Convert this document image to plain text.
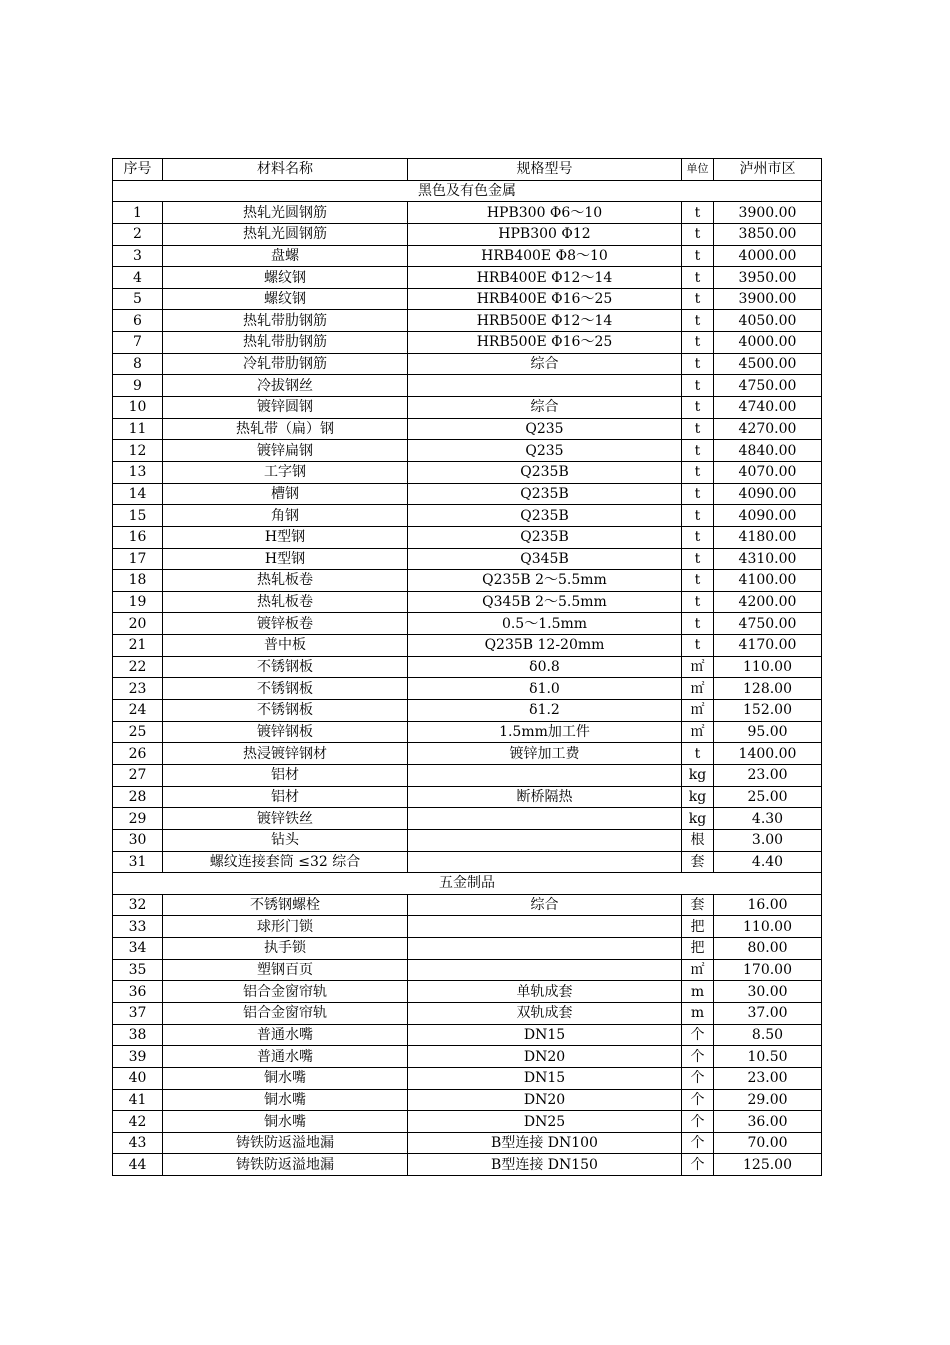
序号	材料名称	规格型号	单位	泸州市区
黑色及有色金属				
1	热轧光圆钢筋	HPB300 Φ6～10	t	3900.00
2	热轧光圆钢筋	HPB300 Φ12	t	3850.00
3	盘螺	HRB400E Φ8～10	t	4000.00
4	螺纹钢	HRB400E Φ12～14	t	3950.00
5	螺纹钢	HRB400E Φ16～25	t	3900.00
6	热轧带肋钢筋	HRB500E Φ12～14	t	4050.00
7	热轧带肋钢筋	HRB500E Φ16～25	t	4000.00
8	冷轧带肋钢筋	综合	t	4500.00
9	冷拔钢丝		t	4750.00
10	镀锌圆钢	综合	t	4740.00
11	热轧带（扁）钢	Q235	t	4270.00
12	镀锌扁钢	Q235	t	4840.00
13	工字钢	Q235B	t	4070.00
14	槽钢	Q235B	t	4090.00
15	角钢	Q235B	t	4090.00
16	H型钢	Q235B	t	4180.00
17	H型钢	Q345B	t	4310.00
18	热轧板卷	Q235B 2～5.5mm	t	4100.00
19	热轧板卷	Q345B 2～5.5mm	t	4200.00
20	镀锌板卷	0.5～1.5mm	t	4750.00
21	普中板	Q235B 12-20mm	t	4170.00
22	不锈钢板	δ0.8	㎡	110.00
23	不锈钢板	δ1.0	㎡	128.00
24	不锈钢板	δ1.2	㎡	152.00
25	镀锌钢板	1.5mm加工件	㎡	95.00
26	热浸镀锌钢材	镀锌加工费	t	1400.00
27	铝材		kg	23.00
28	铝材	断桥隔热	kg	25.00
29	镀锌铁丝		kg	4.30
30	钻头		根	3.00
31	螺纹连接套筒 ≤32 综合		套	4.40
五金制品				
32	不锈钢螺栓	综合	套	16.00
33	球形门锁		把	110.00
34	执手锁		把	80.00
35	塑钢百页		㎡	170.00
36	铝合金窗帘轨	单轨成套	m	30.00
37	铝合金窗帘轨	双轨成套	m	37.00
38	普通水嘴	DN15	个	8.50
39	普通水嘴	DN20	个	10.50
40	铜水嘴	DN15	个	23.00
41	铜水嘴	DN20	个	29.00
42	铜水嘴	DN25	个	36.00
43	铸铁防返溢地漏	B型连接 DN100	个	70.00
44	铸铁防返溢地漏	B型连接 DN150	个	125.00
